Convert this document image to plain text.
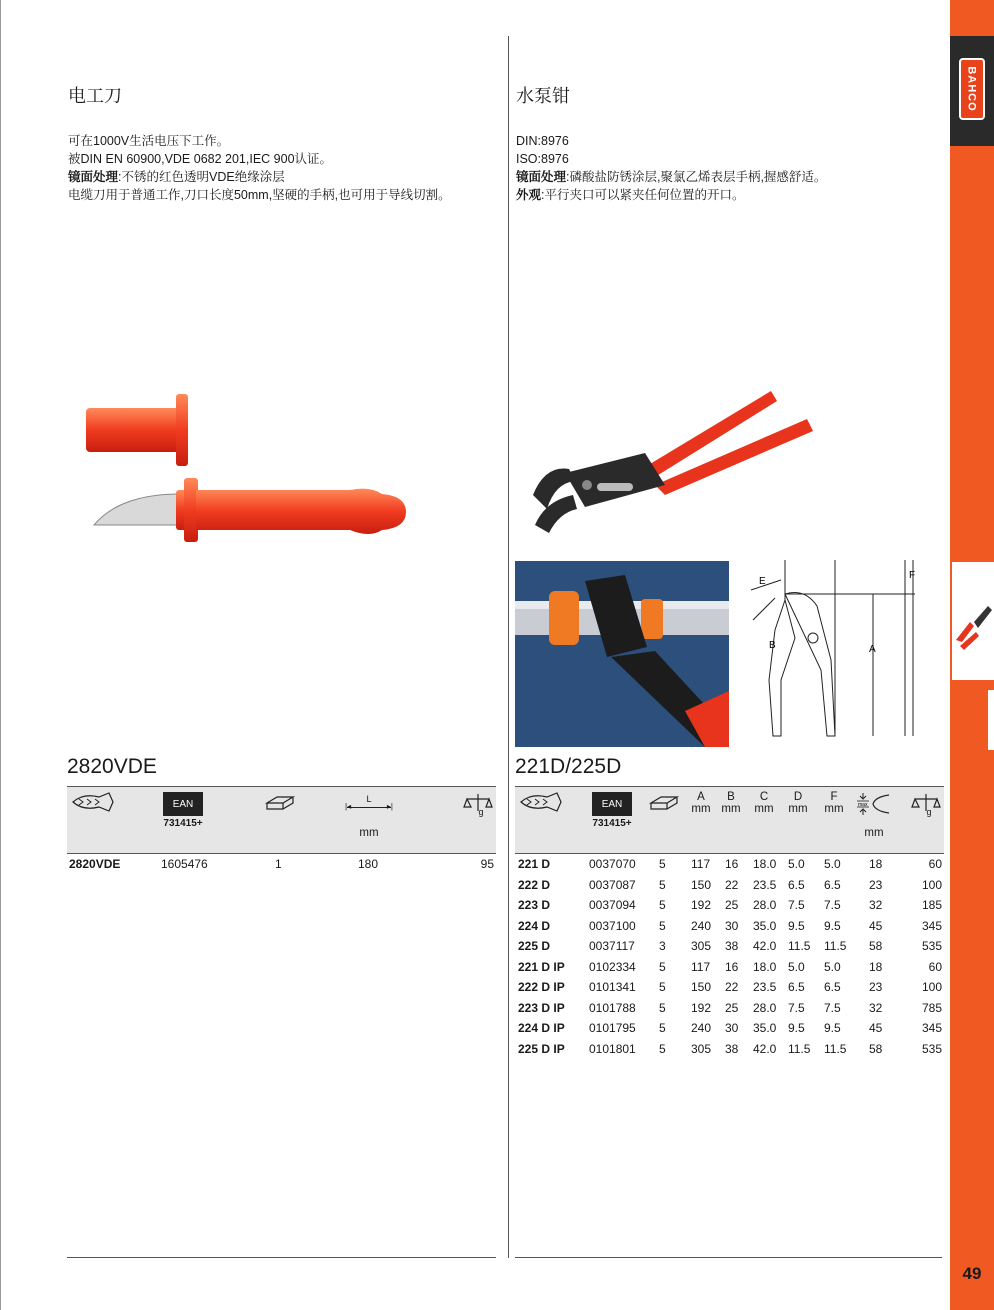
BAHCO
49
电工刀
可在1000V生活电压下工作。
被DIN EN 60900,VDE 0682 201,IEC 900认证。
镜面处理:不锈的红色透明VDE绝缘涂层
电缆刀用于普通工作,刀口长度50mm,坚硬的手柄,也可用于导线切割。
2820VDE
EAN
731415+
L
|◂	▸|
mm
g
2820VDE	1605476	1	180	95
水泵钳
DIN:8976
ISO:8976
镜面处理:磷酸盐防锈涂层,聚氯乙烯表层手柄,握感舒适。
外观:平行夹口可以紧夹任何位置的开口。
E
F
A
B
221D/225D
EAN
731415+
A
mm
B
mm
C
mm
D
mm
F
mm	max
mm
g
221 D	0037070 5 117 16 18.0 5.0 5.0 18	60
222 D	0037087 5 150 22 23.5 6.5 6.5 23	100
223 D	0037094 5 192 25 28.0 7.5 7.5 32	185
224 D	0037100 5 240 30 35.0 9.5 9.5 45	345
225 D	0037117 3 305 38 42.0 11.5 11.5 58	535
221 D IP 0102334 5 117 16 18.0 5.0 5.0 18	60
222 D IP 0101341 5 150 22 23.5 6.5 6.5 23	100
223 D IP 0101788 5 192 25 28.0 7.5 7.5 32	785
224 D IP 0101795 5 240 30 35.0 9.5 9.5 45	345
225 D IP 0101801 5 305 38 42.0 11.5 11.5 58	535
